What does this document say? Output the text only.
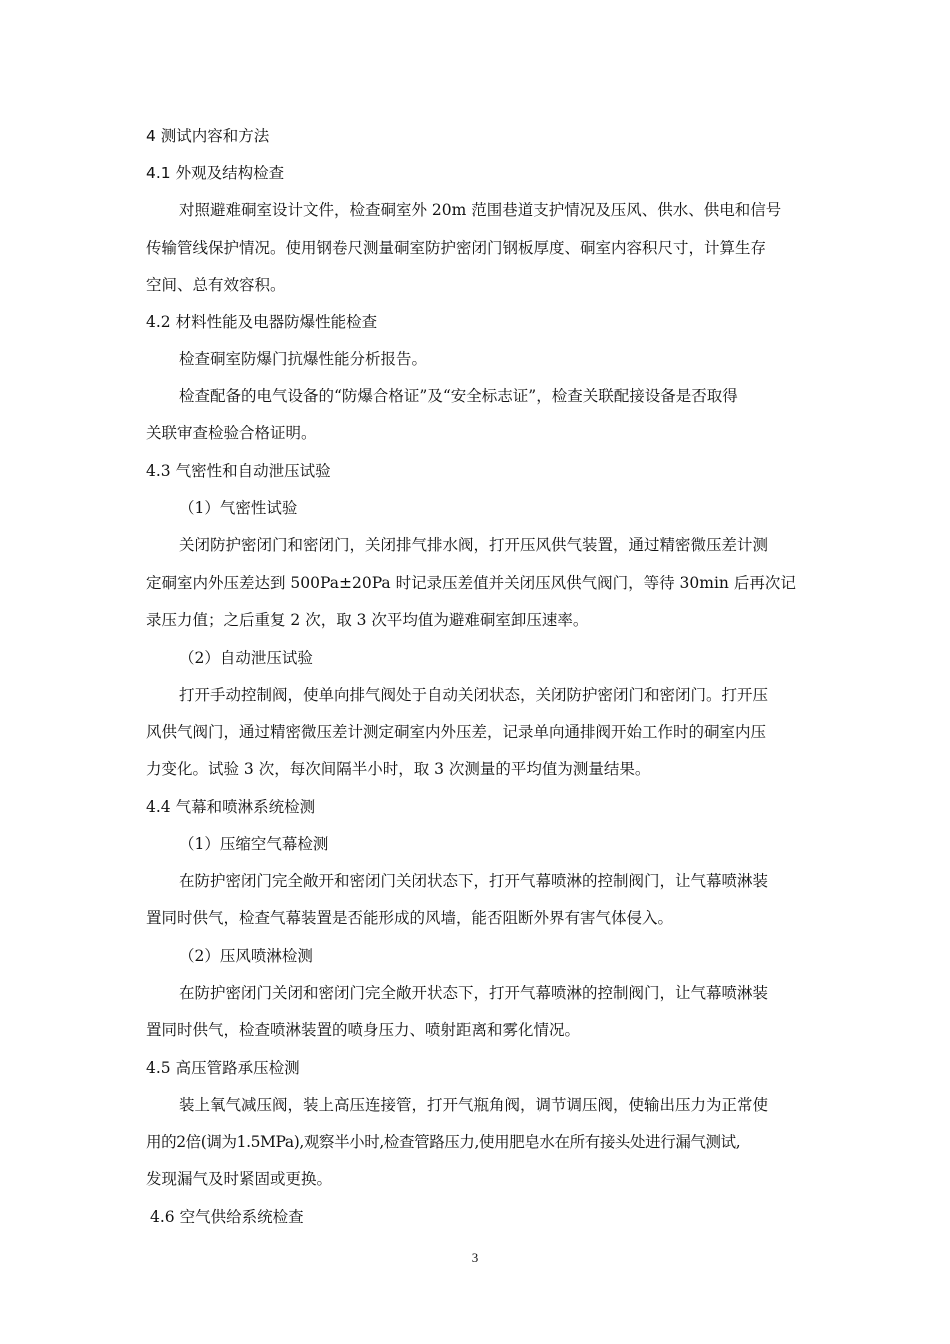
4 测试内容和方法
4.1 外观及结构检查
对照避难硐室设计文件，检查硐室外 20m 范围巷道支护情况及压风、供水、供电和信号
传输管线保护情况。使用钢卷尺测量硐室防护密闭门钢板厚度、硐室内容积尺寸，计算生存
空间、总有效容积。
4.2 材料性能及电器防爆性能检查
检查硐室防爆门抗爆性能分析报告。
检查配备的电气设备的“防爆合格证”及“安全标志证”，检查关联配接设备是否取得
关联审查检验合格证明。
4.3 气密性和自动泄压试验
（1）气密性试验
关闭防护密闭门和密闭门，关闭排气排水阀，打开压风供气装置，通过精密微压差计测
定硐室内外压差达到 500Pa±20Pa 时记录压差值并关闭压风供气阀门，等待 30min 后再次记
录压力值；之后重复 2 次，取 3 次平均值为避难硐室卸压速率。
（2）自动泄压试验
打开手动控制阀，使单向排气阀处于自动关闭状态，关闭防护密闭门和密闭门。打开压
风供气阀门，通过精密微压差计测定硐室内外压差，记录单向通排阀开始工作时的硐室内压
力变化。试验 3 次，每次间隔半小时，取 3 次测量的平均值为测量结果。
4.4 气幕和喷淋系统检测
（1）压缩空气幕检测
在防护密闭门完全敞开和密闭门关闭状态下，打开气幕喷淋的控制阀门，让气幕喷淋装
置同时供气，检查气幕装置是否能形成的风墙，能否阻断外界有害气体侵入。
（2）压风喷淋检测
在防护密闭门关闭和密闭门完全敞开状态下，打开气幕喷淋的控制阀门，让气幕喷淋装
置同时供气，检查喷淋装置的喷身压力、喷射距离和雾化情况。
4.5 高压管路承压检测
装上氧气减压阀，装上高压连接管，打开气瓶角阀，调节调压阀，使输出压力为正常使
用的2倍(调为1.5MPa),观察半小时,检查管路压力,使用肥皂水在所有接头处进行漏气测试,
发现漏气及时紧固或更换。
4.6 空气供给系统检查
3
